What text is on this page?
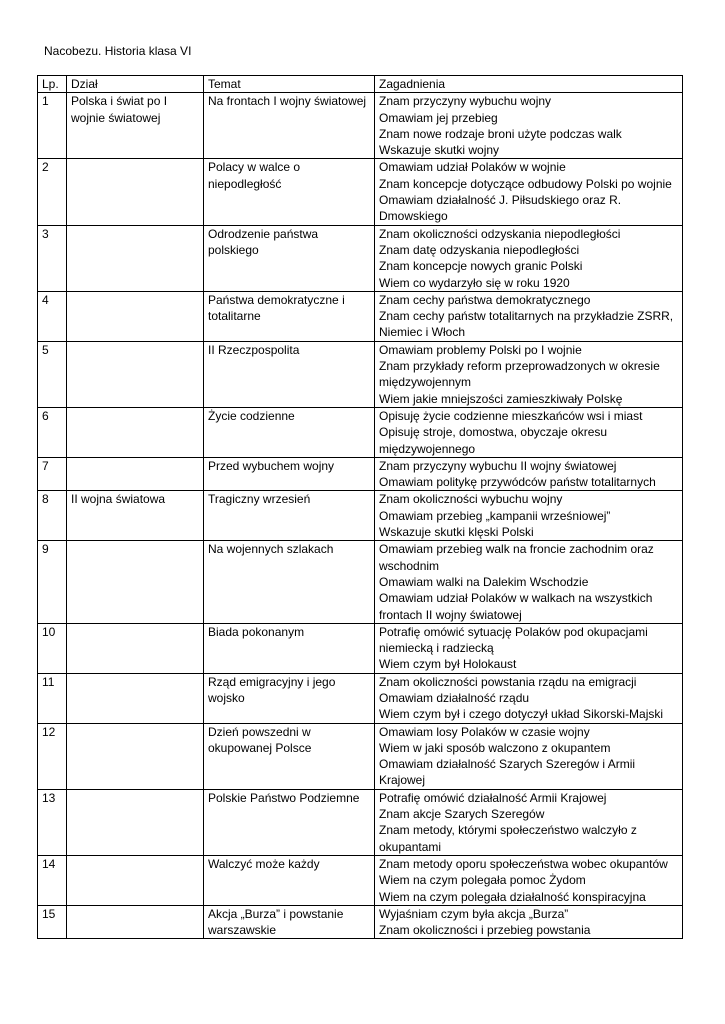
Nacobezu. Historia klasa VI
Lp.	Dział	Temat	Zagadnienia
1	Polska i świat po I wojnie światowej	Na frontach I wojny światowej	Znam przyczyny wybuchu wojny
Omawiam jej przebieg
Znam nowe rodzaje broni użyte podczas walk
Wskazuje skutki wojny

2		Polacy w walce o niepodległość	Omawiam udział Polaków w wojnie
Znam koncepcje dotyczące odbudowy Polski po wojnie
Omawiam działalność J. Piłsudskiego oraz R. Dmowskiego

3		Odrodzenie państwa polskiego	Znam okoliczności odzyskania niepodległości
Znam datę odzyskania niepodległości
Znam koncepcje nowych granic Polski
Wiem co wydarzyło się w roku 1920

4		Państwa demokratyczne i totalitarne	Znam cechy państwa demokratycznego
Znam cechy państw totalitarnych na przykładzie ZSRR, Niemiec i Włoch

5		II Rzeczpospolita	Omawiam problemy Polski po I wojnie
Znam przykłady reform przeprowadzonych w okresie międzywojennym
Wiem jakie mniejszości zamieszkiwały Polskę

6		Życie codzienne	Opisuję życie codzienne mieszkańców wsi i miast
Opisuję stroje, domostwa, obyczaje okresu międzywojennego

7		Przed wybuchem wojny	Znam przyczyny wybuchu II wojny światowej
Omawiam politykę przywódców państw totalitarnych

8	II wojna światowa	Tragiczny wrzesień	Znam okoliczności wybuchu wojny
Omawiam przebieg „kampanii wrześniowej”
Wskazuje skutki klęski Polski

9		Na wojennych szlakach	Omawiam przebieg walk na froncie zachodnim oraz wschodnim
Omawiam walki na Dalekim Wschodzie
Omawiam udział Polaków w walkach na wszystkich frontach II wojny światowej

10		Biada pokonanym	Potrafię omówić sytuację Polaków pod okupacjami niemiecką i radziecką
Wiem czym był Holokaust

11		Rząd emigracyjny i jego wojsko	Znam okoliczności powstania rządu na emigracji
Omawiam działalność rządu
Wiem czym był i czego dotyczył układ Sikorski-Majski

12		Dzień powszedni w okupowanej Polsce	Omawiam losy Polaków w czasie wojny
Wiem w jaki sposób walczono z okupantem
Omawiam działalność Szarych Szeregów i Armii Krajowej

13		Polskie Państwo Podziemne	Potrafię omówić działalność Armii Krajowej
Znam akcje Szarych Szeregów
Znam metody, którymi społeczeństwo walczyło z okupantami

14		Walczyć może każdy	Znam metody oporu społeczeństwa wobec okupantów
Wiem na czym polegała pomoc Żydom
Wiem na czym polegała działalność konspiracyjna

15		Akcja „Burza” i powstanie warszawskie	Wyjaśniam czym była akcja „Burza”
Znam okoliczności i przebieg powstania
